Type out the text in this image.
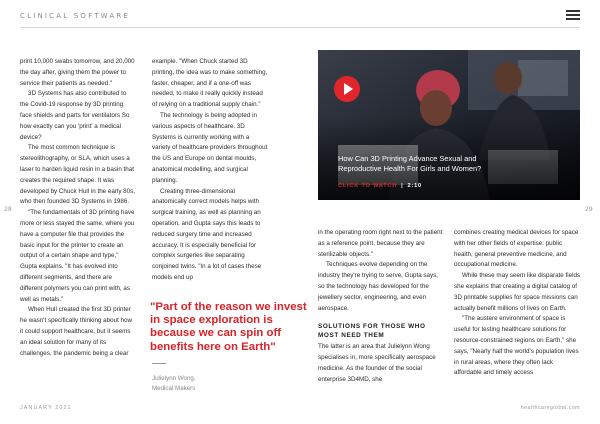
CLINICAL SOFTWARE

print 10,000 swabs tomorrow, and 20,000 the day after, giving them the power to service their patients as needed."

3D Systems has also contributed to the Covid-19 response by 3D printing face shields and parts for ventilators So how exactly can you 'print' a medical device?

The most common technique is stereolithography, or SLA, which uses a laser to harden liquid resin in a basin that creates the required shape. It was developed by Chuck Hull in the early 80s, who then founded 3D Systems in 1986.

"The fundamentals of 3D printing have more or less stayed the same, where you have a computer file that provides the basic input for the printer to create an output of a certain shape and type," Gupta explains. "It has evolved into different segments, and there are different polymers you can print with, as well as metals."

When Hull created the first 3D printer he wasn't specifically thinking about how it could support healthcare, but it seems an ideal solution for many of its challenges, the pandemic being a clear

example. "When Chuck started 3D printing, the idea was to make something, faster, cheaper, and if a one-off was needed, to make it really quickly instead of relying on a traditional supply chain."

The technology is being adopted in various aspects of healthcare. 3D Systems is currently working with a variety of healthcare providers throughout the US and Europe on dental moulds, anatomical modelling, and surgical planning.

Creating three-dimensional anatomically correct models helps with surgical training, as well as planning an operation, and Gupta says this leads to reduced surgery time and increased accuracy. It is especially beneficial for complex surgeries like separating conjoined twins. "In a lot of cases these models end up

"Part of the reason we invest in space exploration is because we can spin off benefits here on Earth"
Julielynn Wong,
Medical Makers
How Can 3D Printing Advance Sexual and Reproductive Health For Girls and Women?
CLICK TO WATCH | 2:10
28	29

in the operating room right next to the patient as a reference point, because they are sterilizable objects."

Techniques evolve depending on the industry they're trying to serve, Gupta says, so the technology has developed for the jewellery sector, engineering, and even aerospace.

SOLUTIONS FOR THOSE WHO MOST NEED THEM

The latter is an area that Julielynn Wong specialises in, more specifically aerospace medicine. As the founder of the social enterprise 3D4MD, she

combines creating medical devices for space with her other fields of expertise: public health, general preventive medicine, and occupational medicine.

While these may seem like disparate fields she explains that creating a digital catalog of 3D printable supplies for space missions can actually benefit millions of lives on Earth.

"The austere environment of space is useful for testing healthcare solutions for resource-constrained regions on Earth," she says, "Nearly half the world's population lives in rural areas, where they often lack affordable and timely access

JANUARY 2021	healthcareglobal.com
